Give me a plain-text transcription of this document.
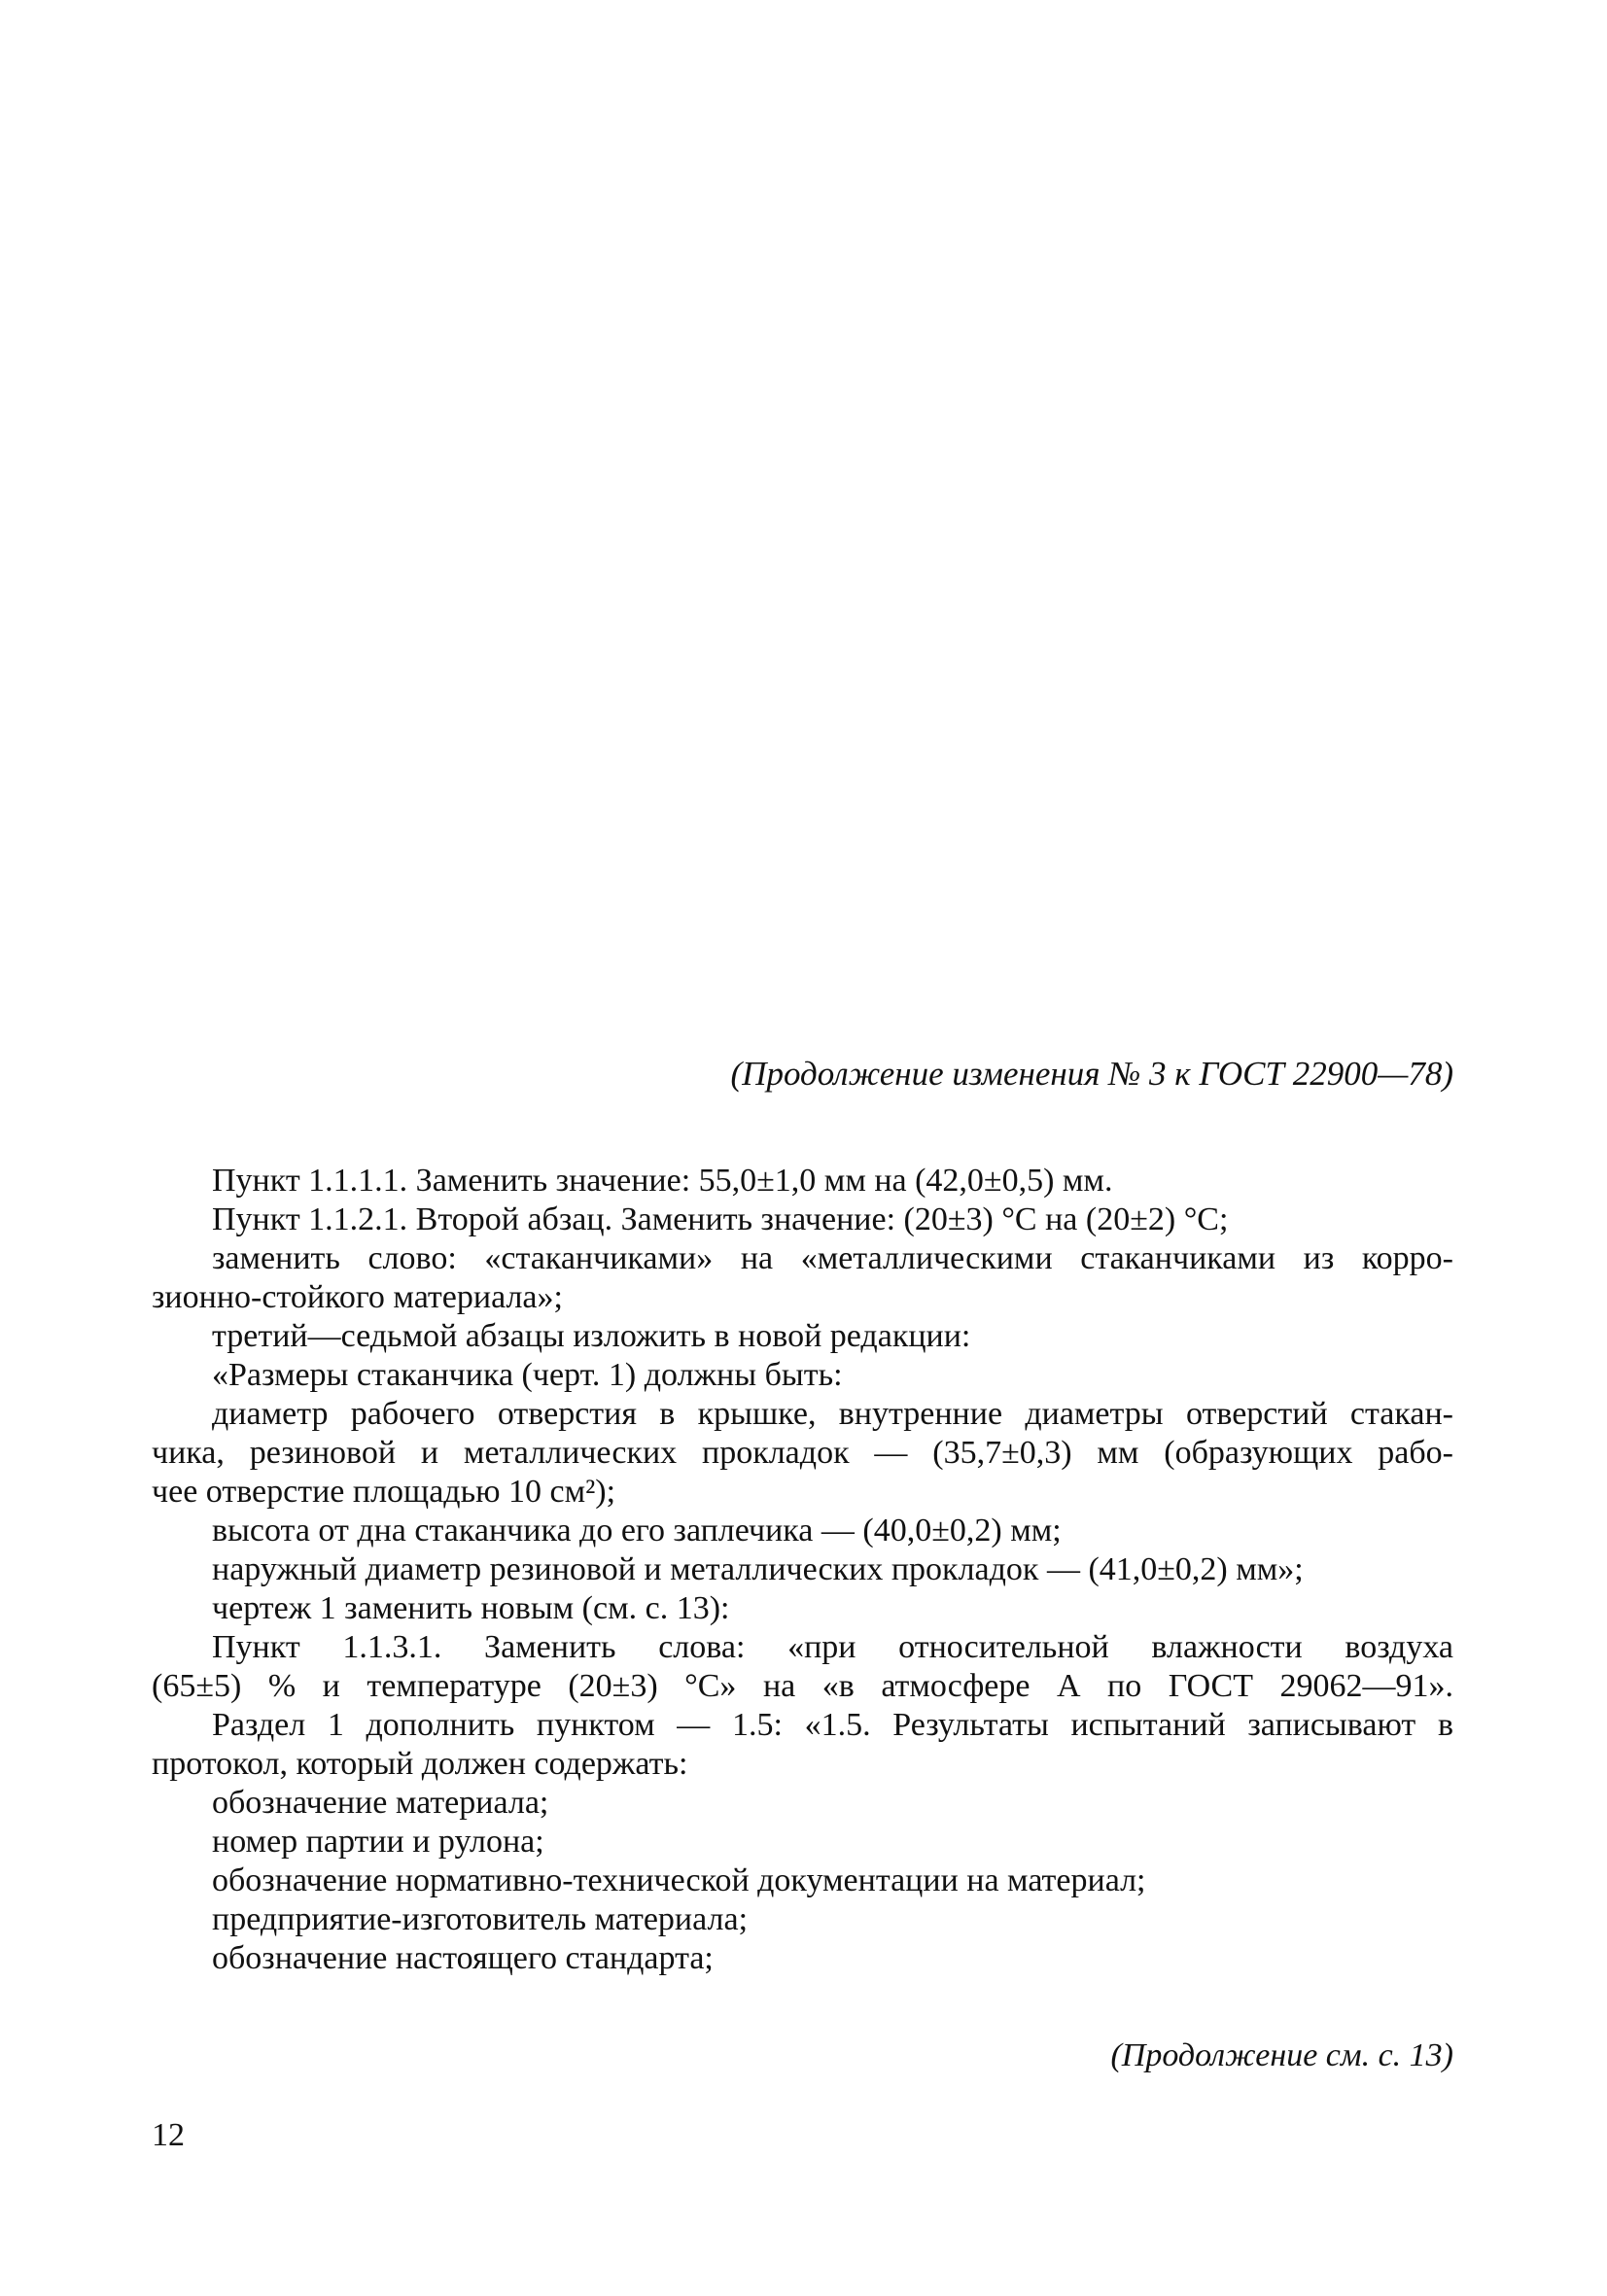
(Продолжение изменения № 3 к ГОСТ 22900—78)
Пункт 1.1.1.1. Заменить значение: 55,0±1,0 мм на (42,0±0,5) мм.
Пункт 1.1.2.1. Второй абзац. Заменить значение: (20±3) °С на (20±2) °С;
заменить слово: «стаканчиками» на «металлическими стаканчиками из корро-
зионно-стойкого материала»;
третий—седьмой абзацы изложить в новой редакции:
«Размеры стаканчика (черт. 1) должны быть:
диаметр рабочего отверстия в крышке, внутренние диаметры отверстий стакан-
чика, резиновой и металлических прокладок — (35,7±0,3) мм (образующих рабо-
чее отверстие площадью 10 см²);
высота от дна стаканчика до его заплечика — (40,0±0,2) мм;
наружный диаметр резиновой и металлических прокладок — (41,0±0,2) мм»;
чертеж 1 заменить новым (см. с. 13):
Пункт 1.1.3.1. Заменить слова: «при относительной влажности воздуха
(65±5) % и температуре (20±3) °С» на «в атмосфере А по ГОСТ 29062—91».
Раздел 1 дополнить пунктом — 1.5: «1.5. Результаты испытаний записывают в
протокол, который должен содержать:
обозначение материала;
номер партии и рулона;
обозначение нормативно-технической документации на материал;
предприятие-изготовитель материала;
обозначение настоящего стандарта;
(Продолжение см. с. 13)
12
